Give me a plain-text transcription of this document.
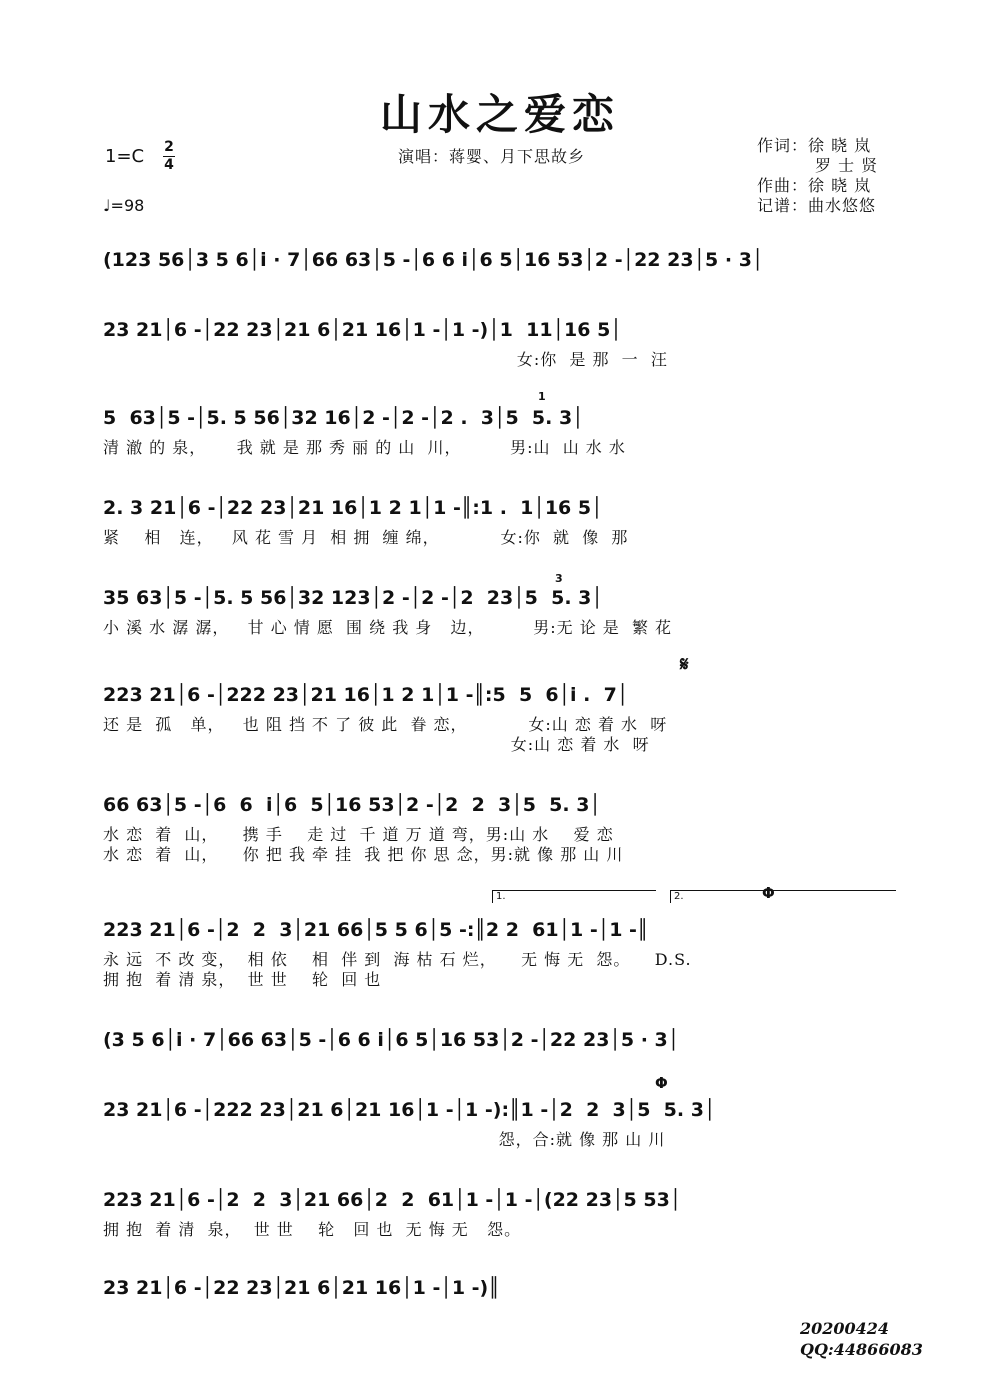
山水之爱恋
1=C 2
4
♩=98
演唱：蒋婴、月下思故乡
作词：徐 晓 岚
罗 士 贤
作曲：徐 晓 岚
记谱：曲水悠悠
(123 56│3 5 6│i · 7│66 63│5 -│6 6 i│6 5│16 53│2 -│22 23│5 · 3│
23 21│6 -│22 23│21 6│21 16│1 -│1 -)│1  11│16 5│
女:你  是 那  一  汪
5  63│5 -│5. 5 56│32 16│2 -│2 -│2 .  3│5  5. 3│
清 澈 的 泉，     我 就 是 那 秀 丽 的 山  川，        男:山  山 水 水
2. 3 21│6 -│22 23│21 16│1 2 1│1 -║:1 .  1│16 5│
紧    相   连，   风 花 雪 月  相 拥  缠 绵，          女:你  就  像  那
35 63│5 -│5. 5 56│32 123│2 -│2 -│2  23│5  5. 3│
小 溪 水 潺 潺，   甘 心 情 愿  围 绕 我 身   边，        男:无 论 是  繁 花
223 21│6 -│222 23│21 16│1 2 1│1 -║:5  5  6│i .  7│
还 是  孤   单，   也 阻 挡 不 了 彼 此  眷 恋，          女:山 恋 着 水  呀
女:山 恋 着 水  呀
66 63│5 -│6  6  i│6  5│16 53│2 -│2  2  3│5  5. 3│
水 恋  着  山，    携 手    走 过  千 道 万 道 弯，男:山 水    爱 恋
水 恋  着  山，    你 把 我 牵 挂  我 把 你 思 念，男:就 像 那 山 川
223 21│6 -│2  2  3│21 66│5 5 6│5 -:║2 2  61│1 -│1 -║
永 远  不 改 变，  相 依    相  伴 到  海 枯 石 烂，    无 悔 无  怨。    D.S.
拥 抱  着 清 泉，  世 世    轮  回 也
(3 5 6│i · 7│66 63│5 -│6 6 i│6 5│16 53│2 -│22 23│5 · 3│
23 21│6 -│222 23│21 6│21 16│1 -│1 -):║1 -│2  2  3│5  5. 3│
怨，合:就 像 那 山 川
223 21│6 -│2  2  3│21 66│2  2  61│1 -│1 -│(22 23│5 53│
拥 抱  着 清  泉，  世 世    轮   回 也  无 悔 无   怨。
23 21│6 -│22 23│21 6│21 16│1 -│1 -)║
𝄋
Φ
Φ
1.	2.
1
3
20200424
QQ:44866083
